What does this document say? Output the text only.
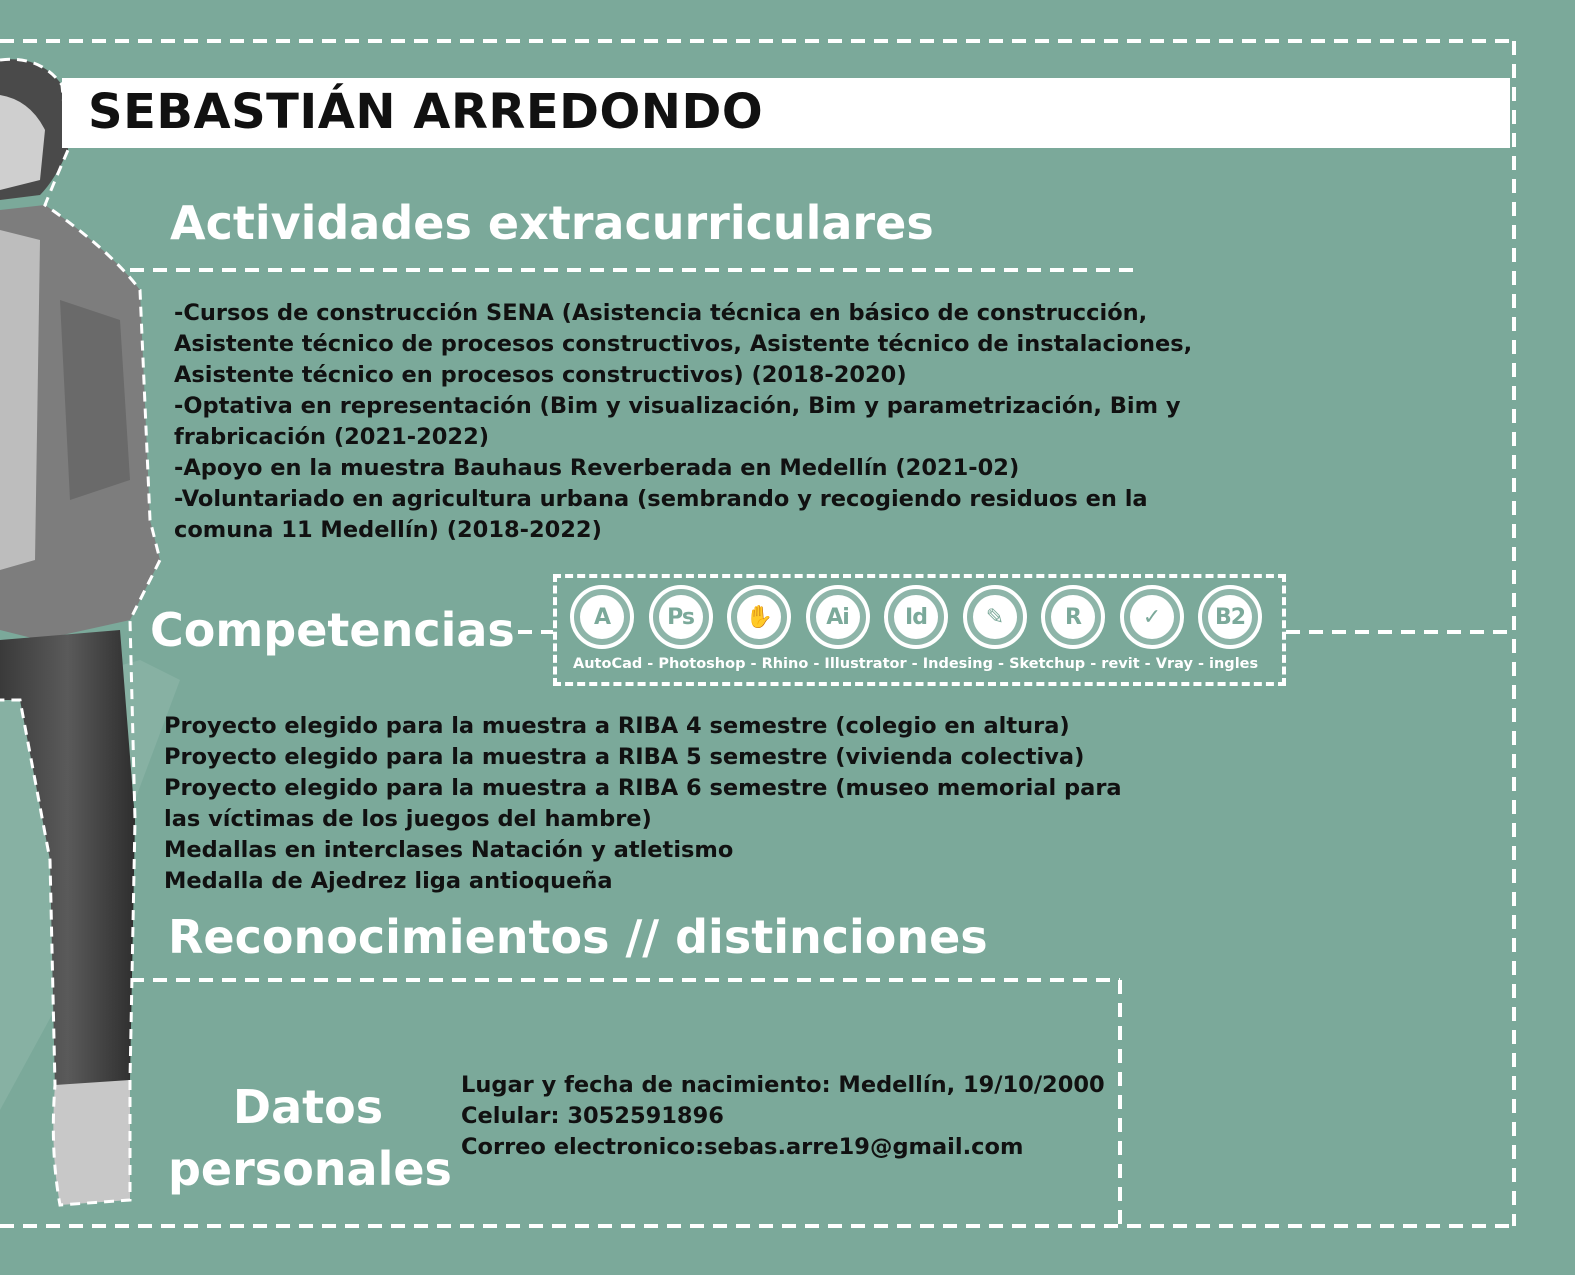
SEBASTIÁN ARREDONDO
Actividades extracurriculares
-Cursos de construcción SENA (Asistencia técnica en básico de construcción,
Asistente técnico de procesos constructivos, Asistente técnico de instalaciones,
Asistente técnico en procesos constructivos) (2018-2020)
-Optativa en representación (Bim y visualización, Bim y parametrización, Bim y
frabricación (2021-2022)
-Apoyo en la muestra Bauhaus Reverberada en Medellín (2021-02)
-Voluntariado en agricultura urbana (sembrando y recogiendo residuos en la
comuna 11 Medellín) (2018-2022)
Competencias	A	Ps	✋	Ai	Id	✎	R	✓	B2
AutoCad - Photoshop - Rhino - Illustrator - Indesing - Sketchup - revit - Vray - ingles
Proyecto elegido para la muestra a RIBA 4 semestre (colegio en altura)
Proyecto elegido para la muestra a RIBA 5 semestre (vivienda colectiva)
Proyecto elegido para la muestra a RIBA 6 semestre (museo memorial para
las víctimas de los juegos del hambre)
Medallas en interclases Natación y atletismo
Medalla de Ajedrez liga antioqueña
Reconocimientos // distinciones
Datos
personales
Lugar y fecha de nacimiento: Medellín, 19/10/2000
Celular: 3052591896
Correo electronico:sebas.arre19@gmail.com
